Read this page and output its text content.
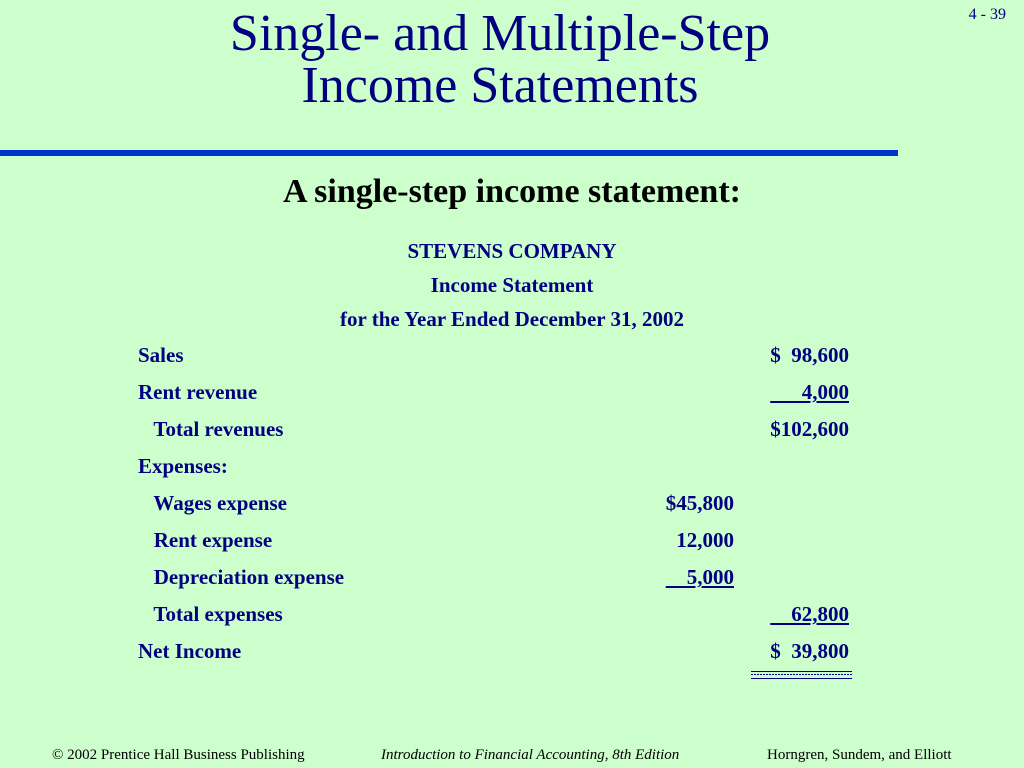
4 - 39
Single- and Multiple-Step
Income Statements
A single-step income statement:
STEVENS COMPANY
Income Statement
for the Year Ended December 31, 2002
Sales	$  98,600
Rent revenue	4,000
Total revenues	$102,600
Expenses:
Wages expense	$45,800
Rent expense	12,000
Depreciation expense	5,000
Total expenses	62,800
Net Income	$  39,800
© 2002 Prentice Hall Business Publishing	Introduction to Financial Accounting, 8th Edition	Horngren, Sundem, and Elliott
